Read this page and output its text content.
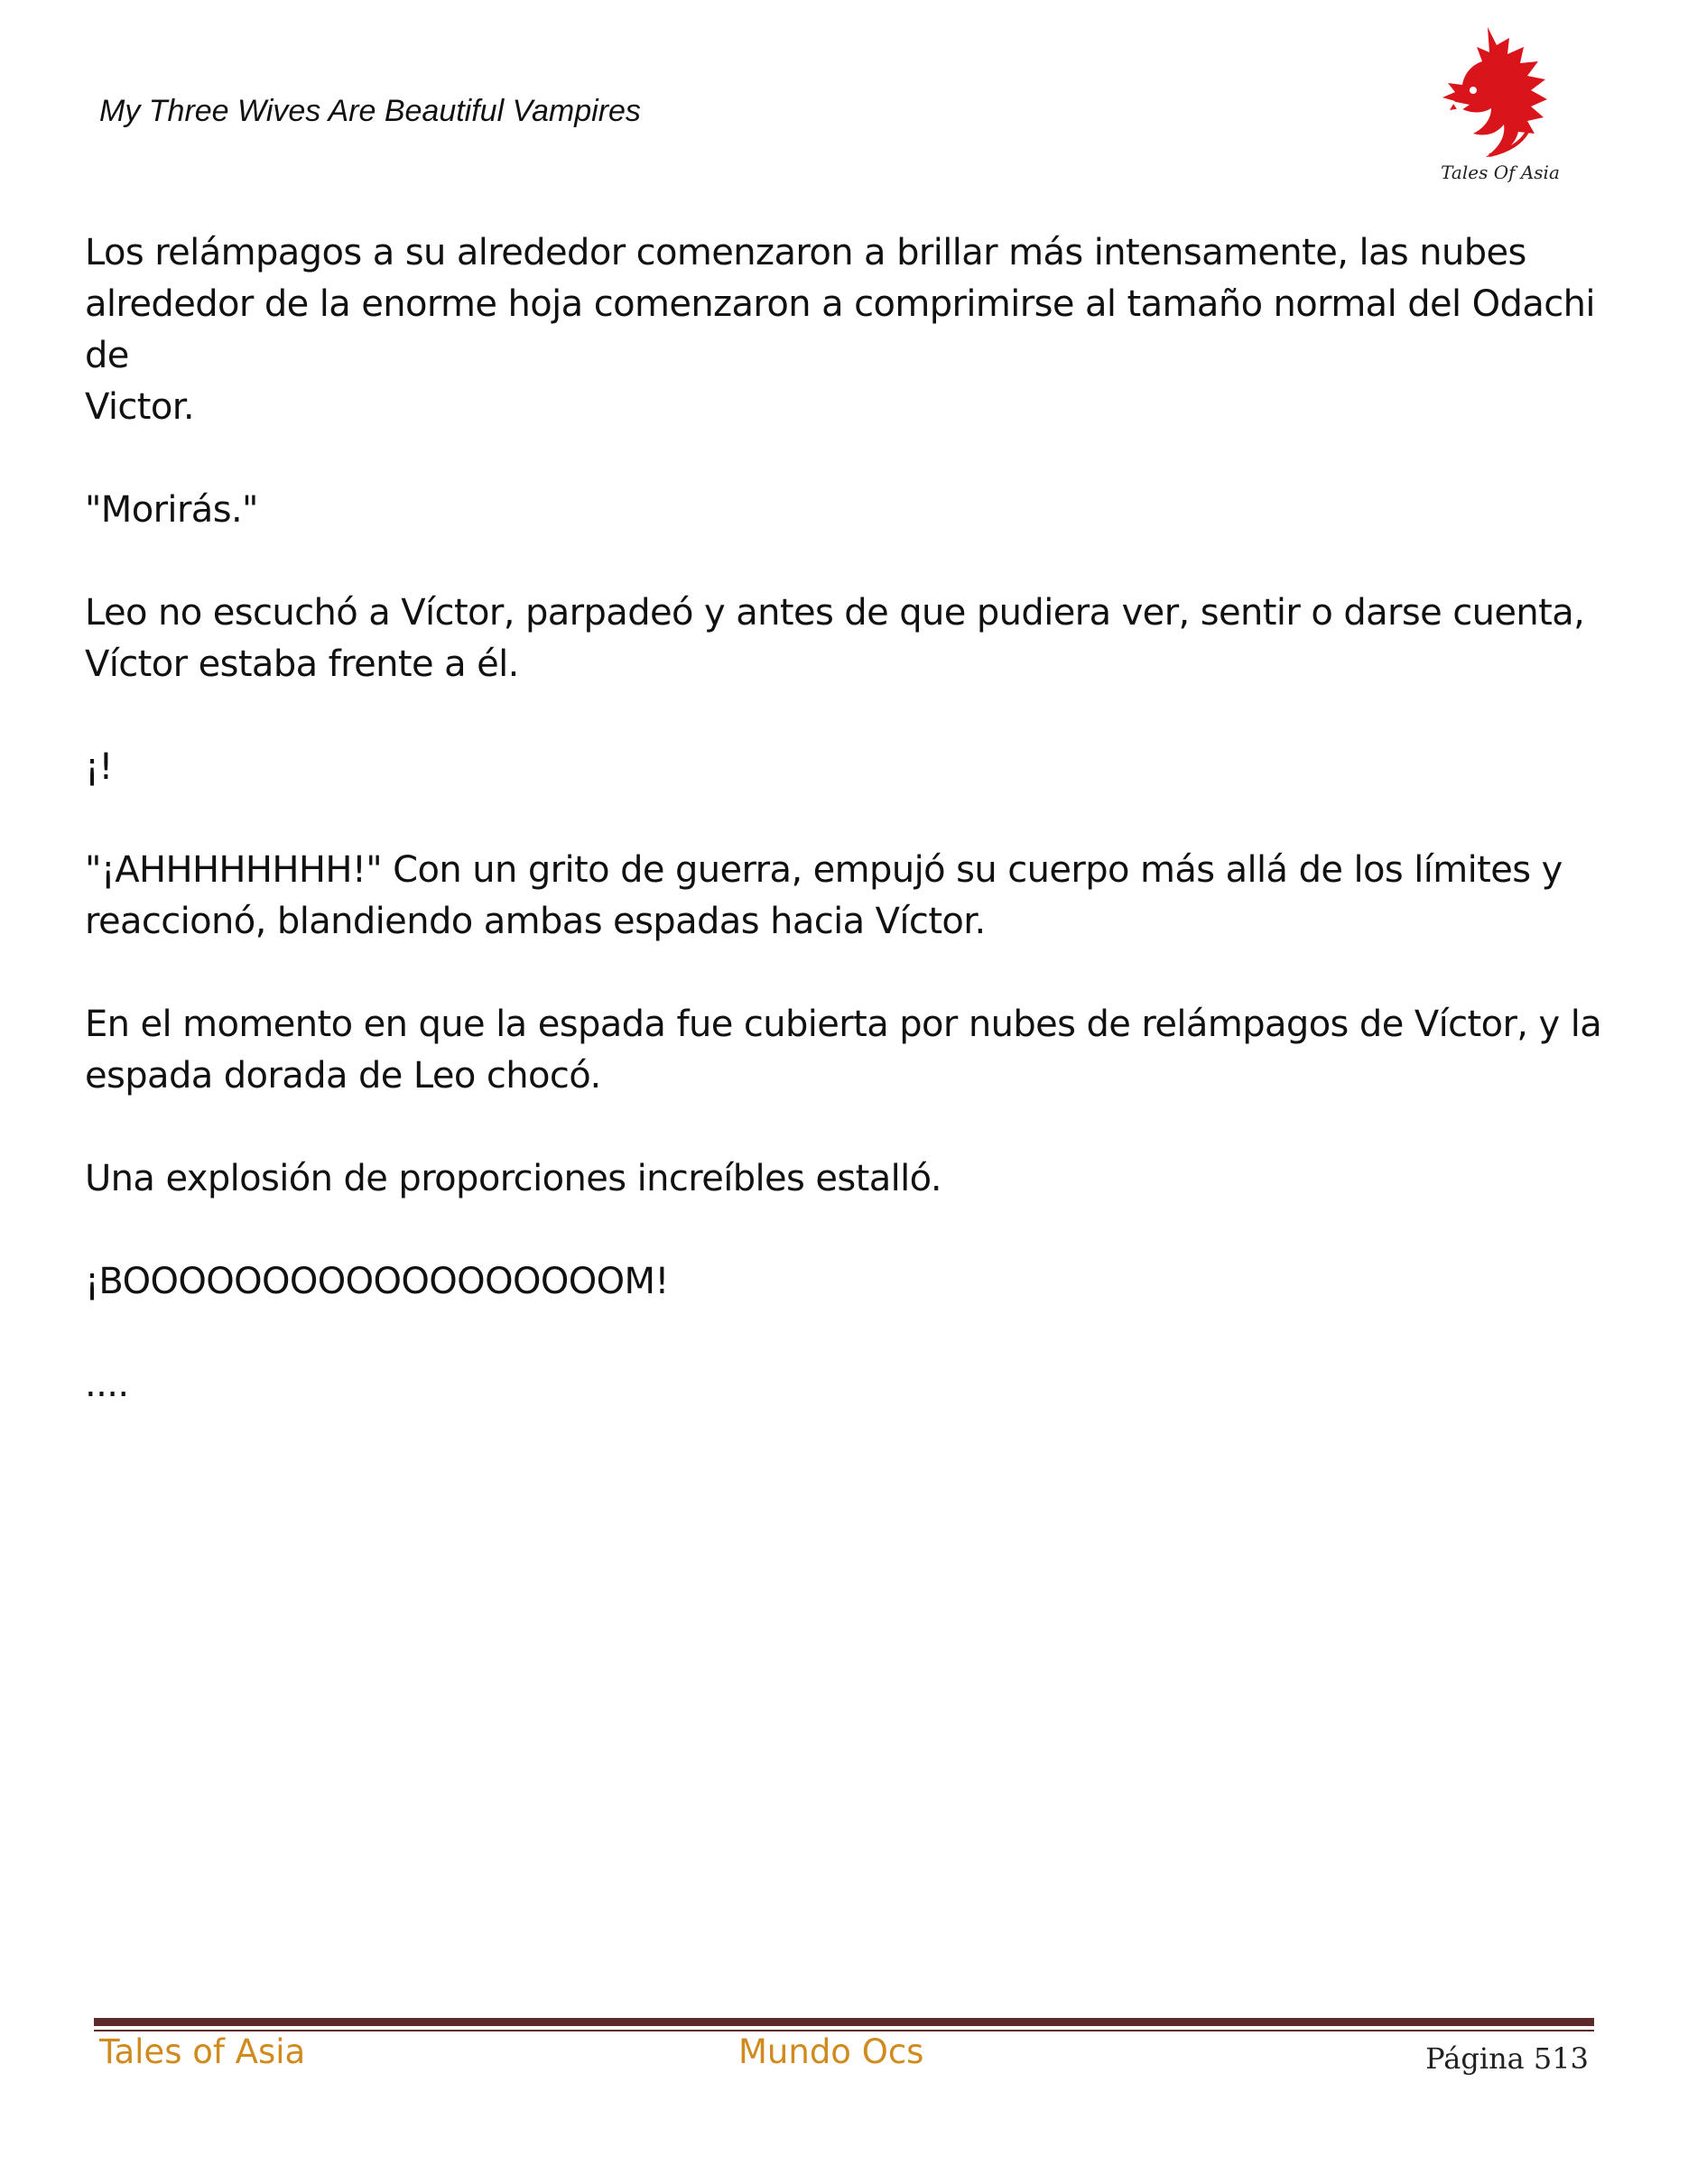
My Three Wives Are Beautiful Vampires
Tales Of Asia

Los relámpagos a su alrededor comenzaron a brillar más intensamente, las nubes
alrededor de la enorme hoja comenzaron a comprimirse al tamaño normal del Odachi de
Victor.

"Morirás."

Leo no escuchó a Víctor, parpadeó y antes de que pudiera ver, sentir o darse cuenta,
Víctor estaba frente a él.

¡!

"¡AHHHHHHHH!" Con un grito de guerra, empujó su cuerpo más allá de los límites y
reaccionó, blandiendo ambas espadas hacia Víctor.

En el momento en que la espada fue cubierta por nubes de relámpagos de Víctor, y la
espada dorada de Leo chocó.

Una explosión de proporciones increíbles estalló.

¡BOOOOOOOOOOOOOOOOOOM!

....

Tales of Asia	Mundo Ocs	Página 513
